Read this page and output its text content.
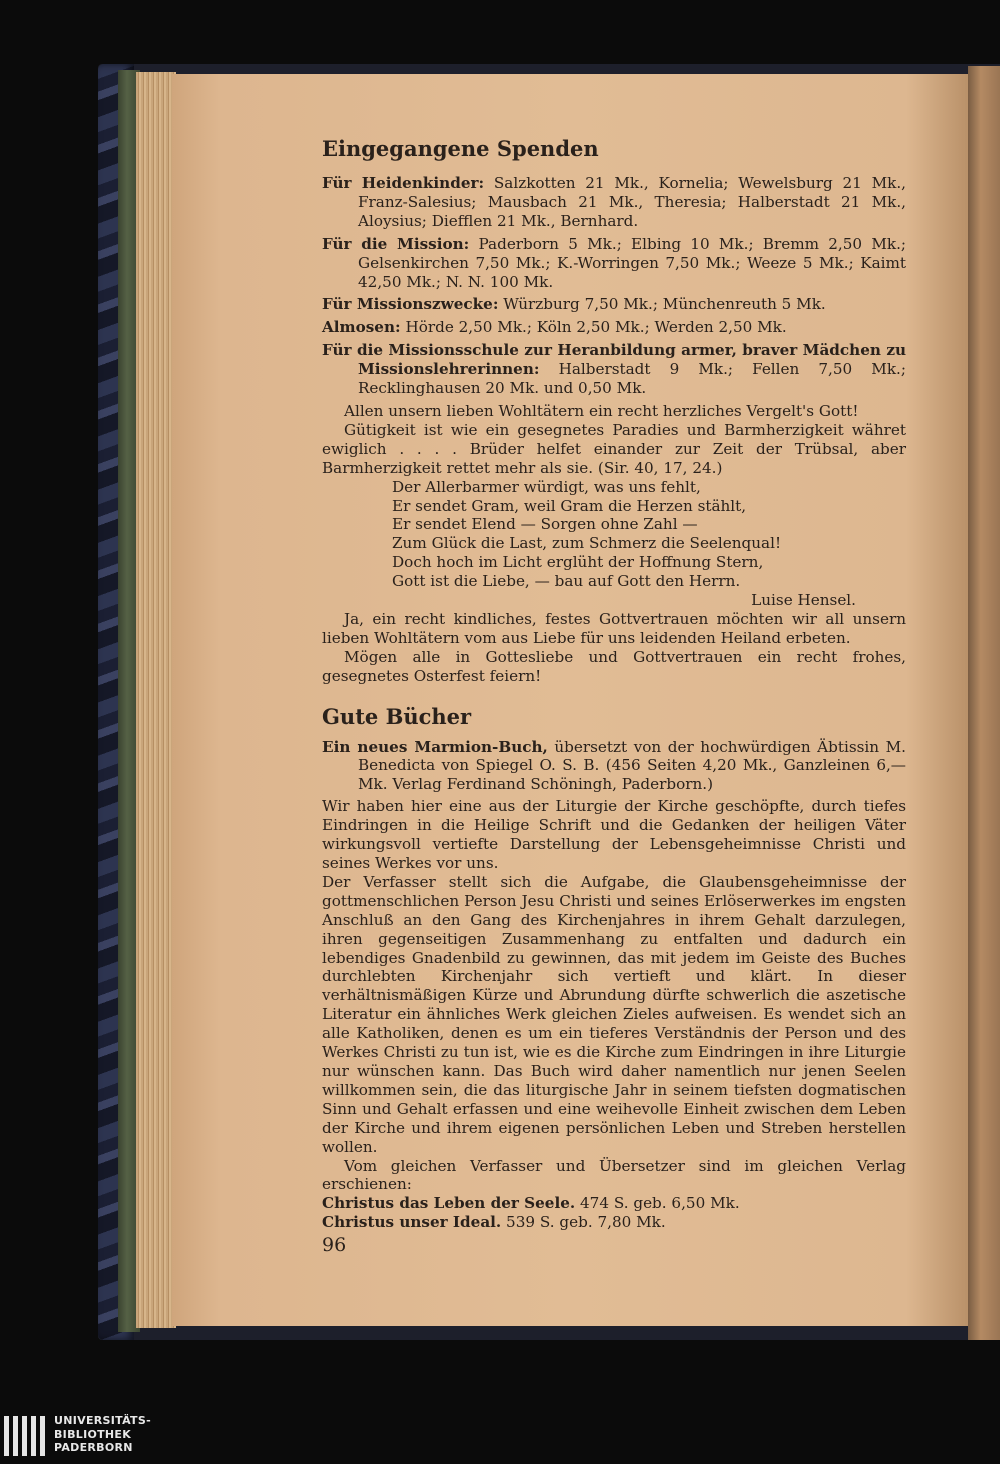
Eingegangene Spenden
Für Heidenkinder: Salzkotten 21 Mk., Kornelia; Wewelsburg 21 Mk., Franz-Salesius; Mausbach 21 Mk., Theresia; Halberstadt 21 Mk., Aloysius; Diefflen 21 Mk., Bernhard.
Für die Mission: Paderborn 5 Mk.; Elbing 10 Mk.; Bremm 2,50 Mk.; Gelsenkirchen 7,50 Mk.; K.-Worringen 7,50 Mk.; Weeze 5 Mk.; Kaimt 42,50 Mk.; N. N. 100 Mk.
Für Missionszwecke: Würzburg 7,50 Mk.; Münchenreuth 5 Mk.
Almosen: Hörde 2,50 Mk.; Köln 2,50 Mk.; Werden 2,50 Mk.
Für die Missionsschule zur Heranbildung armer, braver Mädchen zu Missionslehrerinnen: Halberstadt 9 Mk.; Fellen 7,50 Mk.; Recklinghausen 20 Mk. und 0,50 Mk.

Allen unsern lieben Wohltätern ein recht herzliches Vergelt's Gott!

Gütigkeit ist wie ein gesegnetes Paradies und Barmherzigkeit währet ewiglich . . . . Brüder helfet einander zur Zeit der Trübsal, aber Barmherzigkeit rettet mehr als sie. (Sir. 40, 17, 24.)

Der Allerbarmer würdigt, was uns fehlt,
Er sendet Gram, weil Gram die Herzen stählt,
Er sendet Elend — Sorgen ohne Zahl —
Zum Glück die Last, zum Schmerz die Seelenqual!
Doch hoch im Licht erglüht der Hoffnung Stern,
Gott ist die Liebe, — bau auf Gott den Herrn.

Luise Hensel.

Ja, ein recht kindliches, festes Gottvertrauen möchten wir all unsern lieben Wohltätern vom aus Liebe für uns leidenden Heiland erbeten.

Mögen alle in Gottesliebe und Gottvertrauen ein recht frohes, gesegnetes Osterfest feiern!

Gute Bücher

Ein neues Marmion-Buch, übersetzt von der hochwürdigen Äbtissin M. Benedicta von Spiegel O. S. B. (456 Seiten 4,20 Mk., Ganzleinen 6,— Mk. Verlag Ferdinand Schöningh, Paderborn.)

Wir haben hier eine aus der Liturgie der Kirche geschöpfte, durch tiefes Eindringen in die Heilige Schrift und die Gedanken der heiligen Väter wirkungsvoll vertiefte Darstellung der Lebensgeheimnisse Christi und seines Werkes vor uns.

Der Verfasser stellt sich die Aufgabe, die Glaubensgeheimnisse der gottmenschlichen Person Jesu Christi und seines Erlöserwerkes im engsten Anschluß an den Gang des Kirchenjahres in ihrem Gehalt darzulegen, ihren gegenseitigen Zusammenhang zu entfalten und dadurch ein lebendiges Gnadenbild zu gewinnen, das mit jedem im Geiste des Buches durchlebten Kirchenjahr sich vertieft und klärt. In dieser verhältnismäßigen Kürze und Abrundung dürfte schwerlich die aszetische Literatur ein ähnliches Werk gleichen Zieles aufweisen. Es wendet sich an alle Katholiken, denen es um ein tieferes Verständnis der Person und des Werkes Christi zu tun ist, wie es die Kirche zum Eindringen in ihre Liturgie nur wünschen kann. Das Buch wird daher namentlich nur jenen Seelen willkommen sein, die das liturgische Jahr in seinem tiefsten dogmatischen Sinn und Gehalt erfassen und eine weihevolle Einheit zwischen dem Leben der Kirche und ihrem eigenen persönlichen Leben und Streben herstellen wollen.

Vom gleichen Verfasser und Übersetzer sind im gleichen Verlag erschienen:

Christus das Leben der Seele. 474 S. geb. 6,50 Mk.
Christus unser Ideal. 539 S. geb. 7,80 Mk.
96
UNIVERSITÄTS-
BIBLIOTHEK
PADERBORN
